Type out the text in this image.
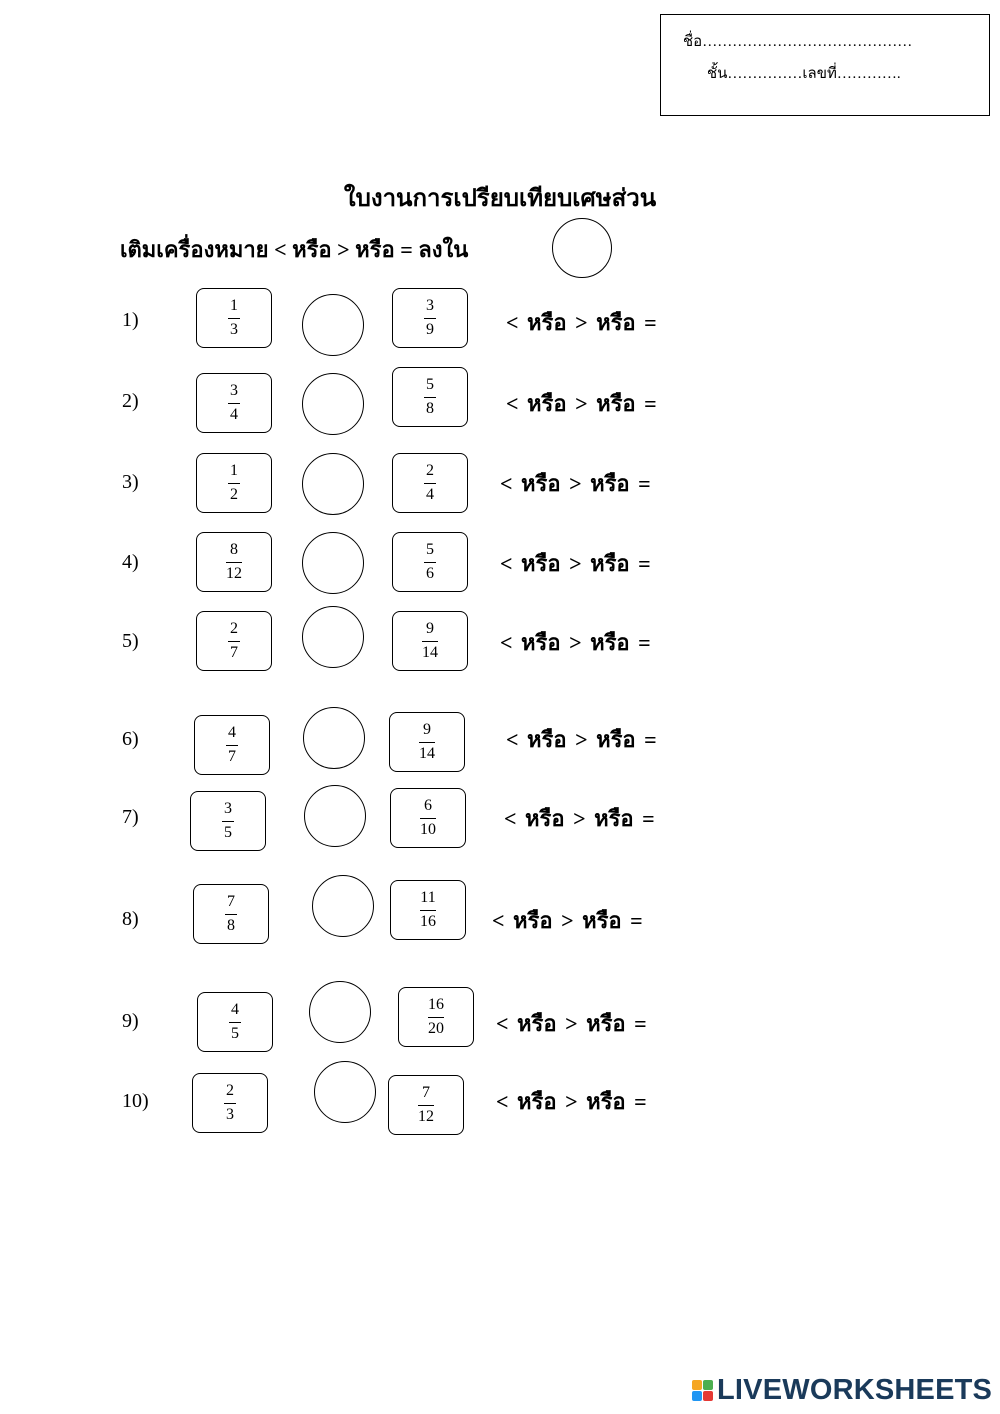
ชื่อ……………………………………
ชั้น……………เลขที่………….
ใบงานการเปรียบเทียบเศษส่วน
เติมเครื่องหมาย < หรือ > หรือ = ลงใน
1)	$\frac{1}{3}$	$\frac{3}{9}$	< หรือ > หรือ =
2)	$\frac{3}{4}$	$\frac{5}{8}$	< หรือ > หรือ =
3)	$\frac{1}{2}$	$\frac{2}{4}$	< หรือ > หรือ =
4)	$\frac{8}{12}$	$\frac{5}{6}$	< หรือ > หรือ =
5)	$\frac{2}{7}$	$\frac{9}{14}$	< หรือ > หรือ =
6)	$\frac{4}{7}$	$\frac{9}{14}$	< หรือ > หรือ =
7)	$\frac{3}{5}$	$\frac{6}{10}$	< หรือ > หรือ =
8)	$\frac{7}{8}$	$\frac{11}{16}$	< หรือ > หรือ =
9)	$\frac{4}{5}$	$\frac{16}{20}$ < หรือ > หรือ =
10)	$\frac{2}{3}$	$\frac{7}{12}$	< หรือ > หรือ =
LIVEWORKSHEETS
